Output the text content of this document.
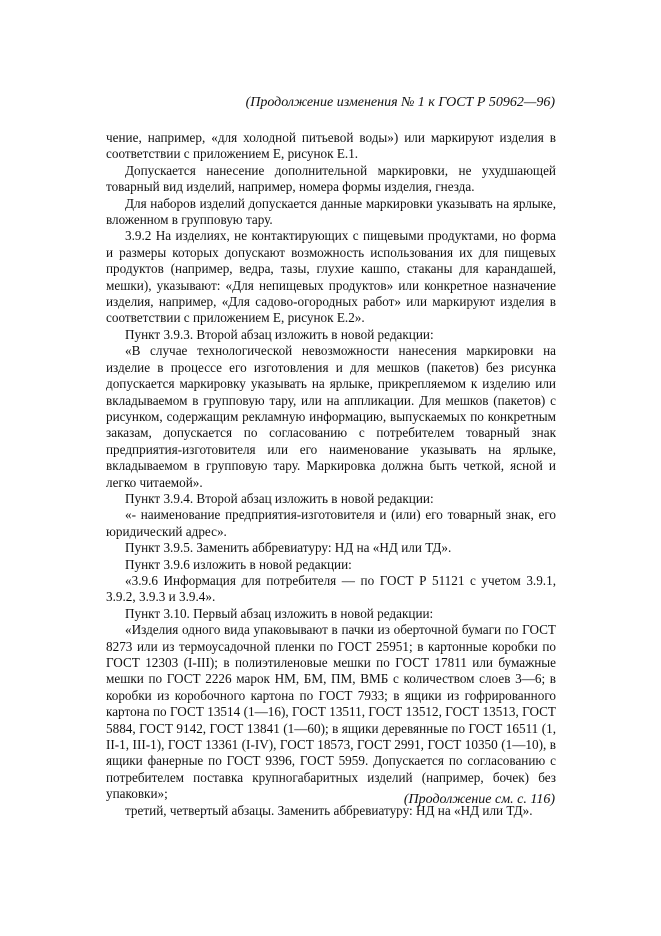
(Продолжение изменения № 1 к ГОСТ Р 50962—96)

чение, например, «для холодной питьевой воды») или маркируют изделия в соответствии с приложением Е, рисунок Е.1.

Допускается нанесение дополнительной маркировки, не ухудшающей товарный вид изделий, например, номера формы изделия, гнезда.

Для наборов изделий допускается данные маркировки указывать на ярлыке, вложенном в групповую тару.

3.9.2 На изделиях, не контактирующих с пищевыми продуктами, но форма и размеры которых допускают возможность использования их для пищевых продуктов (например, ведра, тазы, глухие кашпо, стаканы для карандашей, мешки), указывают: «Для непищевых продуктов» или конкретное назначение изделия, например, «Для садово-огородных работ» или маркируют изделия в соответствии с приложением Е, рисунок Е.2».

Пункт 3.9.3. Второй абзац изложить в новой редакции:

«В случае технологической невозможности нанесения маркировки на изделие в процессе его изготовления и для мешков (пакетов) без рисунка допускается маркировку указывать на ярлыке, прикрепляемом к изделию или вкладываемом в групповую тару, или на аппликации. Для мешков (пакетов) с рисунком, содержащим рекламную информацию, выпускаемых по конкретным заказам, допускается по согласованию с потребителем товарный знак предприятия-изготовителя или его наименование указывать на ярлыке, вкладываемом в групповую тару. Маркировка должна быть четкой, ясной и легко читаемой».

Пункт 3.9.4. Второй абзац изложить в новой редакции:

«- наименование предприятия-изготовителя и (или) его товарный знак, его юридический адрес».

Пункт 3.9.5. Заменить аббревиатуру: НД на «НД или ТД».

Пункт 3.9.6 изложить в новой редакции:

«3.9.6 Информация для потребителя — по ГОСТ Р 51121 с учетом 3.9.1, 3.9.2, 3.9.3 и 3.9.4».

Пункт 3.10. Первый абзац изложить в новой редакции:

«Изделия одного вида упаковывают в пачки из оберточной бумаги по ГОСТ 8273 или из термоусадочной пленки по ГОСТ 25951; в картонные коробки по ГОСТ 12303 (I-III); в полиэтиленовые мешки по ГОСТ 17811 или бумажные мешки по ГОСТ 2226 марок НМ, БМ, ПМ, ВМБ с количеством слоев 3—6; в коробки из коробочного картона по ГОСТ 7933; в ящики из гофрированного картона по ГОСТ 13514 (1—16), ГОСТ 13511, ГОСТ 13512, ГОСТ 13513, ГОСТ 5884, ГОСТ 9142, ГОСТ 13841 (1—60); в ящики деревянные по ГОСТ 16511 (1, II-1, III-1), ГОСТ 13361 (I-IV), ГОСТ 18573, ГОСТ 2991, ГОСТ 10350 (1—10), в ящики фанерные по ГОСТ 9396, ГОСТ 5959. Допускается по согласованию с потребителем поставка крупногабаритных изделий (например, бочек) без упаковки»;

третий, четвертый абзацы. Заменить аббревиатуру: НД на «НД или ТД».

(Продолжение см. с. 116)
